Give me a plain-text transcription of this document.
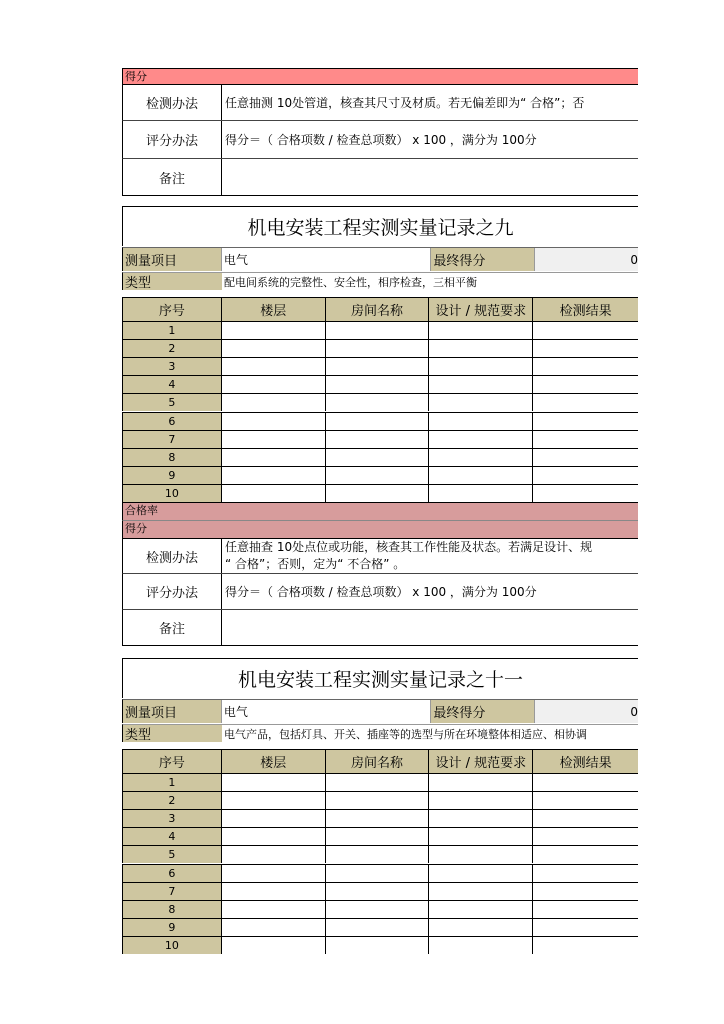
得分
检测办法	任意抽测 10处管道，核查其尺寸及材质。若无偏差即为“ 合格”；否
评分办法	得分＝（ 合格项数 / 检查总项数） x 100 ，满分为 100分
备注
机电安装工程实测实量记录之九
测量项目	电气	最终得分	0
类型	配电间系统的完整性、安全性，相序检查，三相平衡
序号	楼层	房间名称	设计 / 规范要求	检测结果
1
2
3
4
5
6
7
8
9
10
合格率
得分
检测办法
任意抽查 10处点位或功能，核查其工作性能及状态。若满足设计、规
“ 合格”；否则，定为“ 不合格” 。
评分办法	得分＝（ 合格项数 / 检查总项数） x 100 ，满分为 100分
备注
机电安装工程实测实量记录之十一
测量项目	电气	最终得分	0
类型	电气产品，包括灯具、开关、插座等的选型与所在环境整体相适应、相协调
序号	楼层	房间名称	设计 / 规范要求	检测结果
1
2
3
4
5
6
7
8
9
10
